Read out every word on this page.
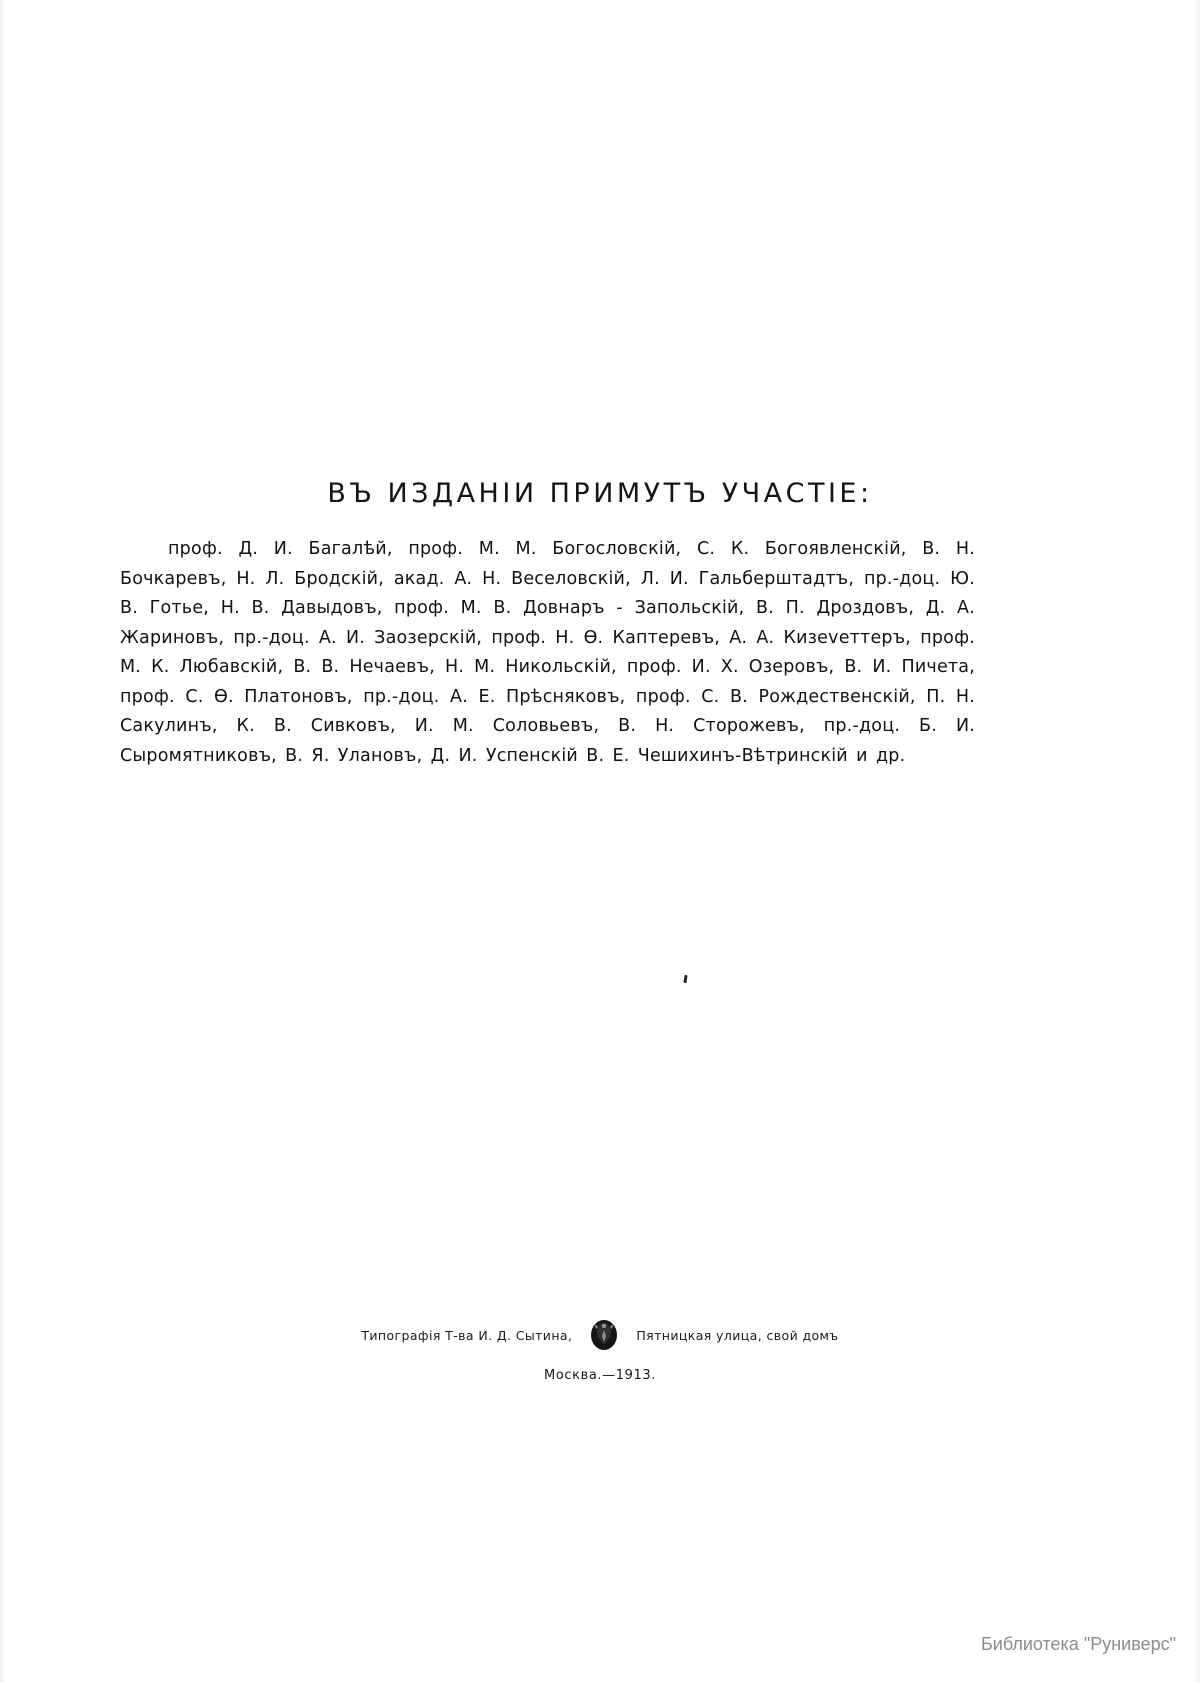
ВЪ ИЗДАНIИ ПРИМУТЪ УЧАСТIЕ:
проф. Д. И. Багалѣй, проф. М. М. Богословскiй, С. К. Богоявленскiй, В. Н. Бочкаревъ, Н. Л. Бродскiй, акад. А. Н. Веселовскiй, Л. И. Гальберштадтъ, пр.-доц. Ю. В. Готье, Н. В. Давыдовъ, проф. М. В. Довнаръ - Запольскiй, В. П. Дроздовъ, Д. А. Жариновъ, пр.-доц. А. И. Заозерскiй, проф. Н. Ѳ. Каптеревъ, А. А. Кизеveттеръ, проф. М. К. Любавскiй, В. В. Нечаевъ, Н. М. Никольскiй, проф. И. Х. Озеровъ, В. И. Пичета, проф. С. Ѳ. Платоновъ, пр.-доц. А. Е. Прѣсняковъ, проф. С. В. Рождественскiй, П. Н. Сакулинъ, К. В. Сивковъ, И. М. Соловьевъ, В. Н. Сторожевъ, пр.-доц. Б. И. Сыромятниковъ, В. Я. Улановъ, Д. И. Успенскiй В. Е. Чешихинъ-Вѣтринскiй и др.
Типографiя Т-ва И. Д. Сытина,	Пятницкая улица, свой домъ
Москва.—1913.
Библиотека "Руниверс"
